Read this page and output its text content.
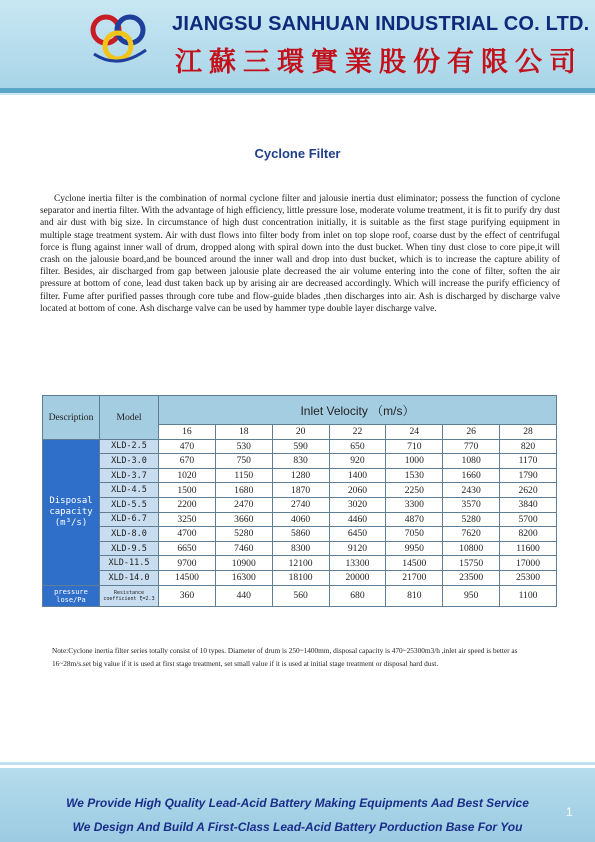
JIANGSU SANHUAN INDUSTRIAL CO. LTD.
江蘇三環實業股份有限公司
Cyclone Filter
Cyclone inertia filter is the combination of normal cyclone filter and jalousie inertia dust eliminator; possess the function of cyclone separator and inertia filter. With the advantage of high efficiency, little pressure lose, moderate volume treatment, it is fit to purify dry dust and air dust with big size. In circumstance of high dust concentration initially, it is suitable as the first stage purifying equipment in multiple stage treatment system. Air with dust flows into filter body from inlet on top slope roof, coarse dust by the effect of centrifugal force is flung against inner wall of drum, dropped along with spiral down into the dust bucket. When tiny dust close to core pipe,it will crash on the jalousie board,and be bounced around the inner wall and drop into dust bucket, which is to increase the capture ability of filter. Besides, air discharged from gap between jalousie plate decreased the air volume entering into the cone of filter, soften the air pressure at bottom of cone, lead dust taken back up by arising air are decreased accordingly. Which will increase the purify efficiency of filter. Fume after purified passes through core tube and flow-guide blades ,then discharges into air. Ash is discharged by discharge valve located at bottom of cone. Ash discharge valve can be used by hammer type double layer discharge valve.
Description	Model	Inlet Velocity （m/s）						
		16	18	20	22	24	26	28
Disposal capacity (m³/s)	XLD-2.5	470	530	590	650	710	770	820
	XLD-3.0	670	750	830	920	1000	1080	1170
	XLD-3.7	1020	1150	1280	1400	1530	1660	1790
	XLD-4.5	1500	1680	1870	2060	2250	2430	2620
	XLD-5.5	2200	2470	2740	3020	3300	3570	3840
	XLD-6.7	3250	3660	4060	4460	4870	5280	5700
	XLD-8.0	4700	5280	5860	6450	7050	7620	8200
	XLD-9.5	6650	7460	8300	9120	9950	10800	11600
	XLD-11.5	9700	10900	12100	13300	14500	15750	17000
	XLD-14.0	14500	16300	18100	20000	21700	23500	25300
pressure lose/Pa	Resistance coefficient ξ=2.3	360	440	560	680	810	950	1100
Note:Cyclone inertia filter series totally consist of 10 types. Diameter of drum is 250~1400mm, disposal capacity is 470~25300m3/h ,inlet air speed is better as 16~28m/s.set big value if it is used at first stage treatment, set small value if it is used at initial stage treatment or disposal hard dust.
We Provide High Quality Lead-Acid Battery Making Equipments Aad Best Service
We Design And Build A First-Class Lead-Acid Battery Porduction Base For You
1
